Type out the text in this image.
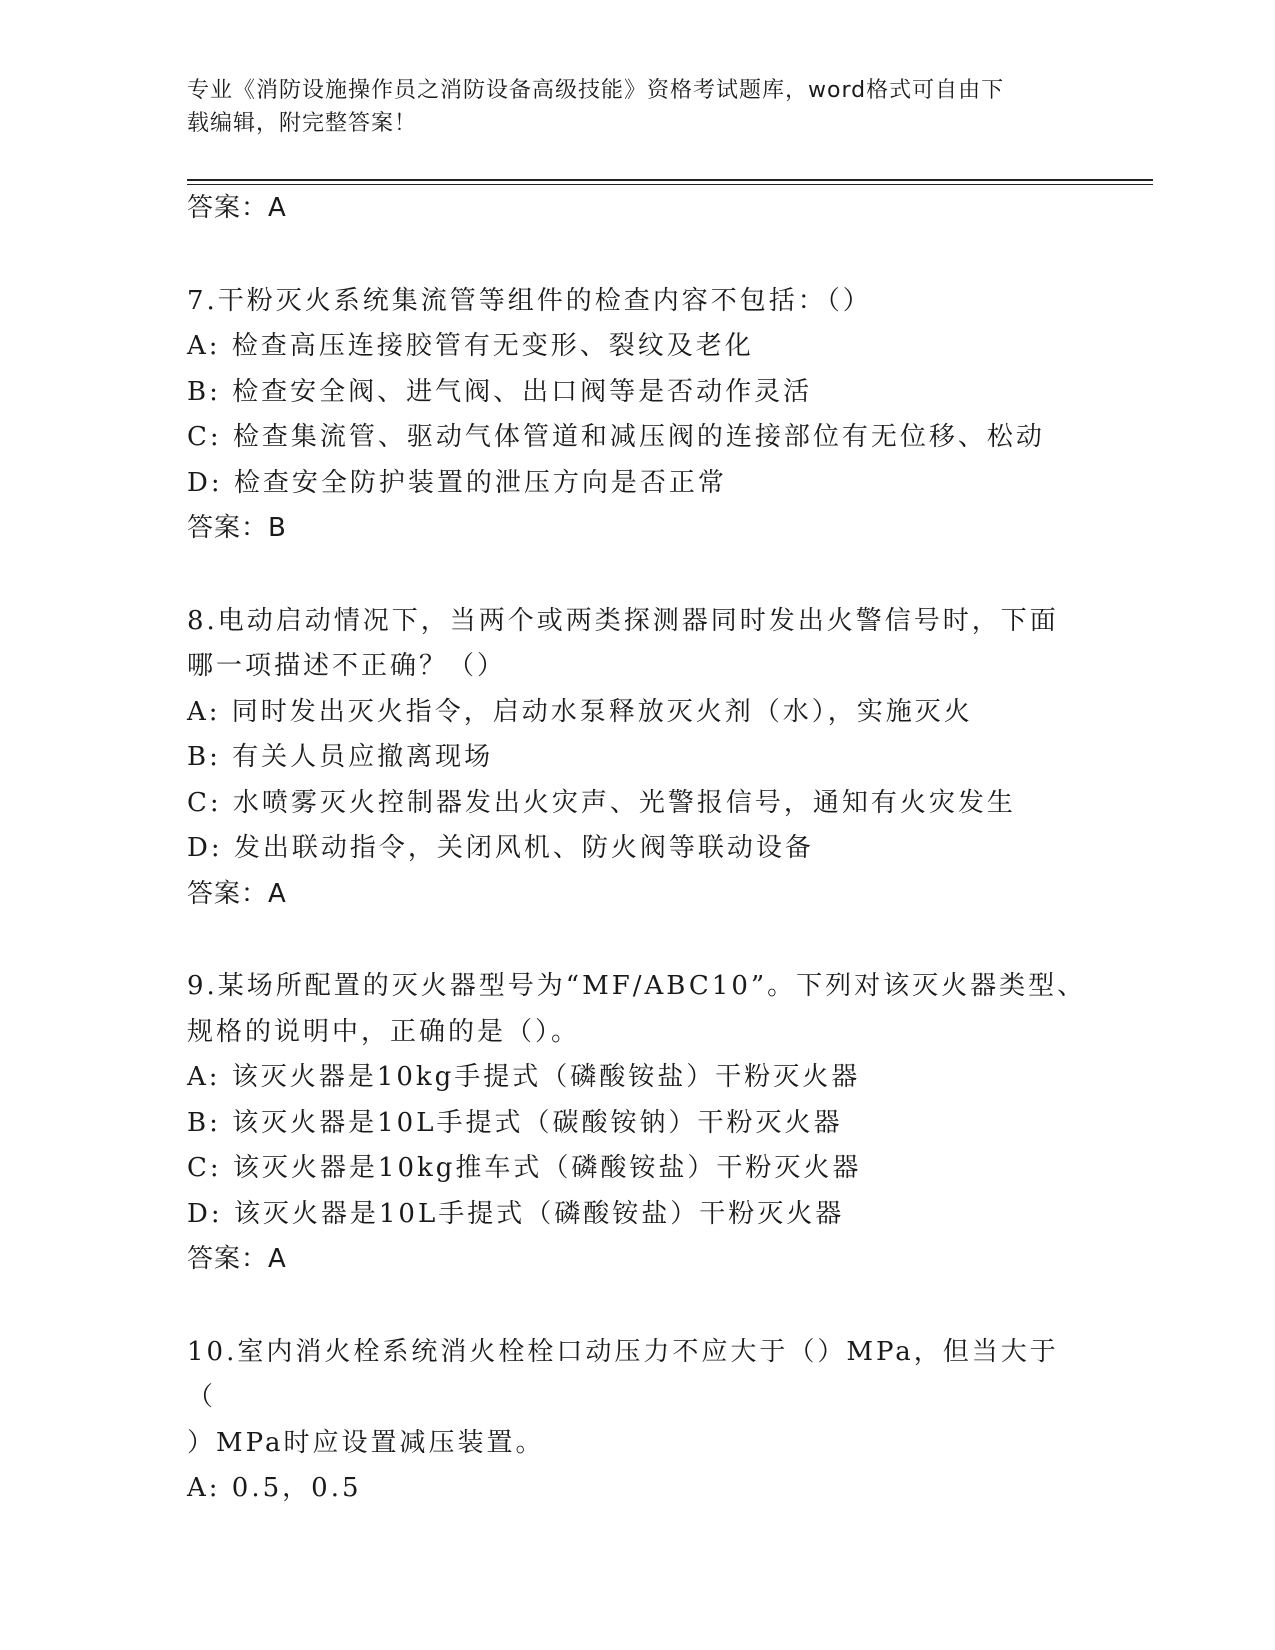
专业《消防设施操作员之消防设备高级技能》资格考试题库，word格式可自由下
载编辑，附完整答案！
答案：A
7.干粉灭火系统集流管等组件的检查内容不包括：（）
A: 检查高压连接胶管有无变形、裂纹及老化
B: 检查安全阀、进气阀、出口阀等是否动作灵活
C: 检查集流管、驱动气体管道和减压阀的连接部位有无位移、松动
D: 检查安全防护装置的泄压方向是否正常
答案：B
8.电动启动情况下，当两个或两类探测器同时发出火警信号时，下面
哪一项描述不正确？（）
A: 同时发出灭火指令，启动水泵释放灭火剂（水），实施灭火
B: 有关人员应撤离现场
C: 水喷雾灭火控制器发出火灾声、光警报信号，通知有火灾发生
D: 发出联动指令，关闭风机、防火阀等联动设备
答案：A
9.某场所配置的灭火器型号为“MF/ABC10”。下列对该灭火器类型、
规格的说明中，正确的是（）。
A: 该灭火器是10kg手提式（磷酸铵盐）干粉灭火器
B: 该灭火器是10L手提式（碳酸铵钠）干粉灭火器
C: 该灭火器是10kg推车式（磷酸铵盐）干粉灭火器
D: 该灭火器是10L手提式（磷酸铵盐）干粉灭火器
答案：A
10.室内消火栓系统消火栓栓口动压力不应大于（）MPa，但当大于（
）MPa时应设置减压装置。
A: 0.5，0.5
